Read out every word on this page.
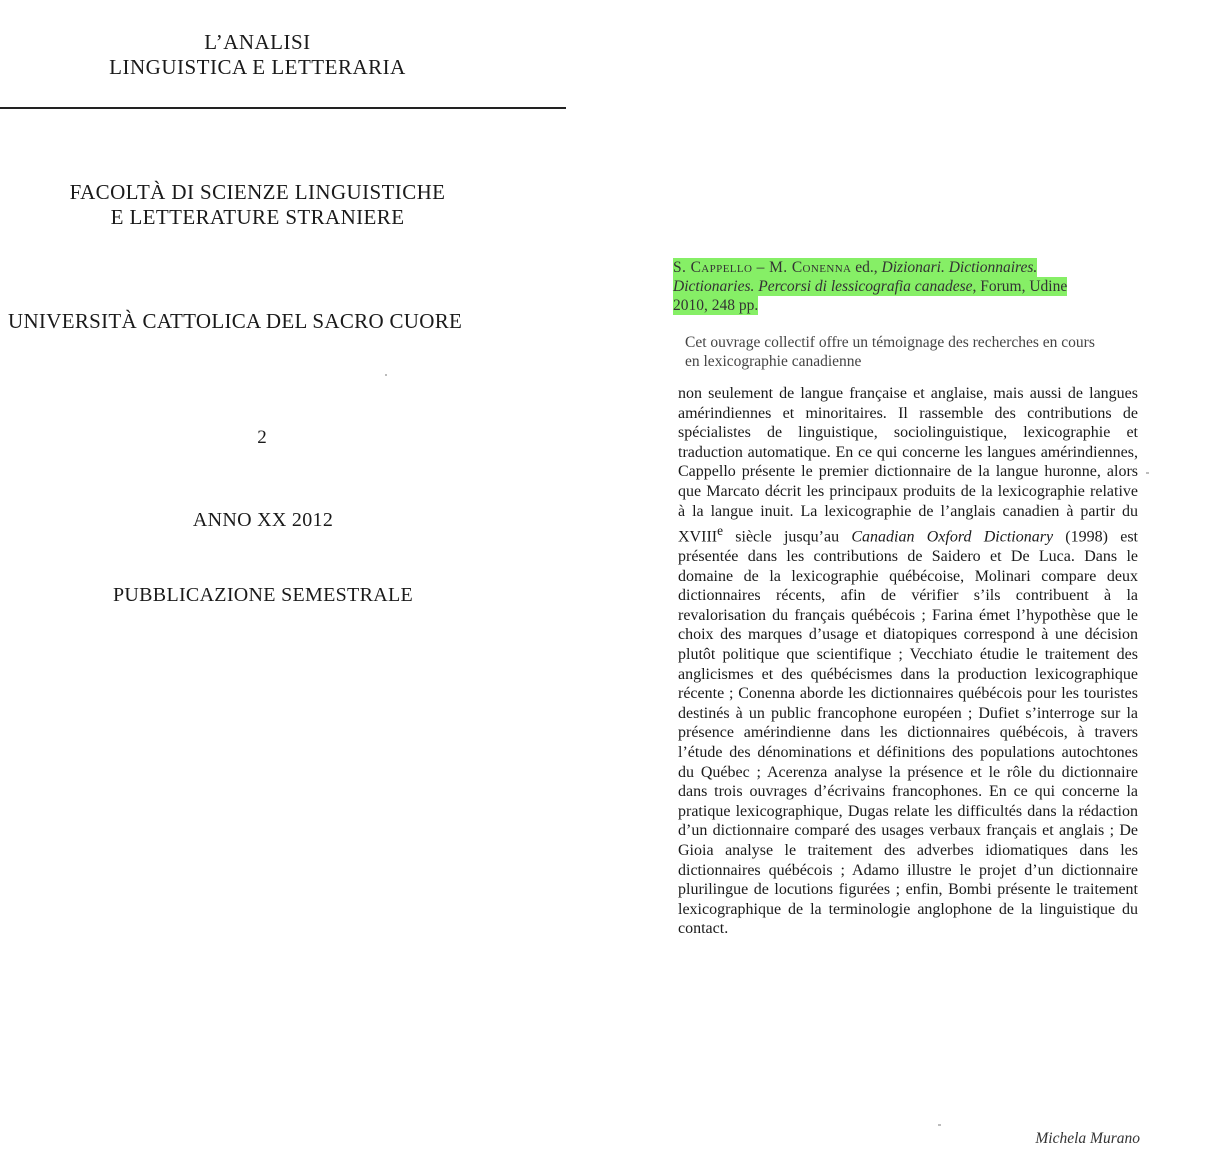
L’ANALISI
LINGUISTICA E LETTERARIA
FACOLTÀ DI SCIENZE LINGUISTICHE
E LETTERATURE STRANIERE
UNIVERSITÀ CATTOLICA DEL SACRO CUORE
2
ANNO XX 2012
PUBBLICAZIONE SEMESTRALE
S. Cappello – M. Conenna ed., Dizionari. Dictionnaires. Dictionaries. Percorsi di lessicografia canadese, Forum, Udine 2010, 248 pp.
Cet ouvrage collectif offre un témoignage des recherches en cours en lexicographie canadienne
non seulement de langue française et anglaise, mais aussi de langues amérindiennes et minoritaires. Il rassemble des contributions de spécialistes de linguistique, sociolinguistique, lexicographie et traduction automatique. En ce qui concerne les langues amérindiennes, Cappello présente le premier dictionnaire de la langue huronne, alors que Marcato décrit les principaux produits de la lexicographie relative à la langue inuit. La lexicographie de l’anglais canadien à partir du XVIIIe siècle jusqu’au Canadian Oxford Dictionary (1998) est présentée dans les contributions de Saidero et De Luca. Dans le domaine de la lexicographie québécoise, Molinari compare deux dictionnaires récents, afin de vérifier s’ils contribuent à la revalorisation du français québécois ; Farina émet l’hypothèse que le choix des marques d’usage et diatopiques correspond à une décision plutôt politique que scientifique ; Vecchiato étudie le traitement des anglicismes et des québécismes dans la production lexicographique récente ; Conenna aborde les dictionnaires québécois pour les touristes destinés à un public francophone européen ; Dufiet s’interroge sur la présence amérindienne dans les dictionnaires québécois, à travers l’étude des dénominations et définitions des populations autochtones du Québec ; Acerenza analyse la présence et le rôle du dictionnaire dans trois ouvrages d’écrivains francophones. En ce qui concerne la pratique lexicographique, Dugas relate les difficultés dans la rédaction d’un dictionnaire comparé des usages verbaux français et anglais ; De Gioia analyse le traitement des adverbes idiomatiques dans les dictionnaires québécois ; Adamo illustre le projet d’un dictionnaire plurilingue de locutions figurées ; enfin, Bombi présente le traitement lexicographique de la terminologie anglophone de la linguistique du contact.
Michela Murano
